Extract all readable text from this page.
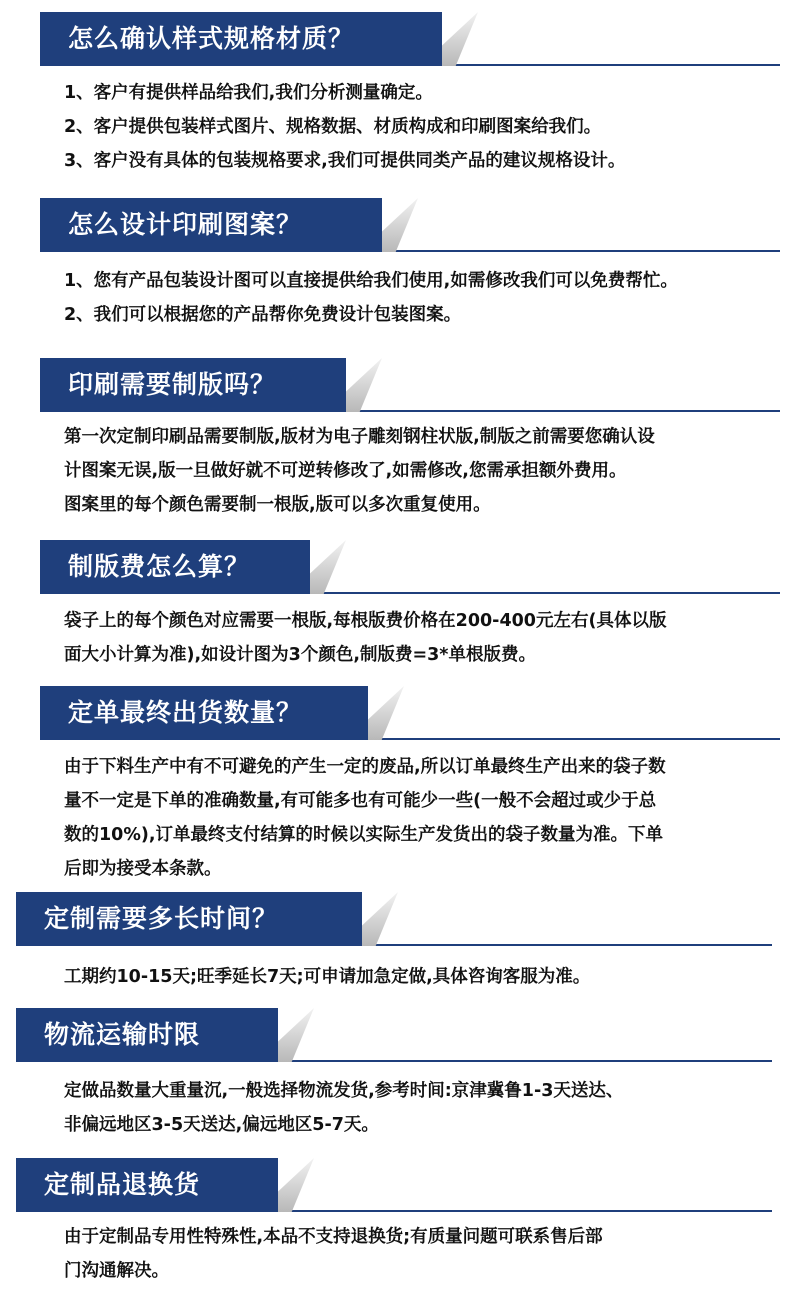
怎么确认样式规格材质？
1、客户有提供样品给我们,我们分析测量确定。
2、客户提供包装样式图片、规格数据、材质构成和印刷图案给我们。
3、客户没有具体的包装规格要求,我们可提供同类产品的建议规格设计。
怎么设计印刷图案？
1、您有产品包装设计图可以直接提供给我们使用,如需修改我们可以免费帮忙。
2、我们可以根据您的产品帮你免费设计包装图案。
印刷需要制版吗？
第一次定制印刷品需要制版,版材为电子雕刻钢柱状版,制版之前需要您确认设
计图案无误,版一旦做好就不可逆转修改了,如需修改,您需承担额外费用。
图案里的每个颜色需要制一根版,版可以多次重复使用。
制版费怎么算？
袋子上的每个颜色对应需要一根版,每根版费价格在200-400元左右(具体以版
面大小计算为准),如设计图为3个颜色,制版费=3*单根版费。
定单最终出货数量？
由于下料生产中有不可避免的产生一定的废品,所以订单最终生产出来的袋子数
量不一定是下单的准确数量,有可能多也有可能少一些(一般不会超过或少于总
数的10%),订单最终支付结算的时候以实际生产发货出的袋子数量为准。下单
后即为接受本条款。
定制需要多长时间？
工期约10-15天;旺季延长7天;可申请加急定做,具体咨询客服为准。
物流运输时限
定做品数量大重量沉,一般选择物流发货,参考时间:京津冀鲁1-3天送达、
非偏远地区3-5天送达,偏远地区5-7天。
定制品退换货
由于定制品专用性特殊性,本品不支持退换货;有质量问题可联系售后部
门沟通解决。
